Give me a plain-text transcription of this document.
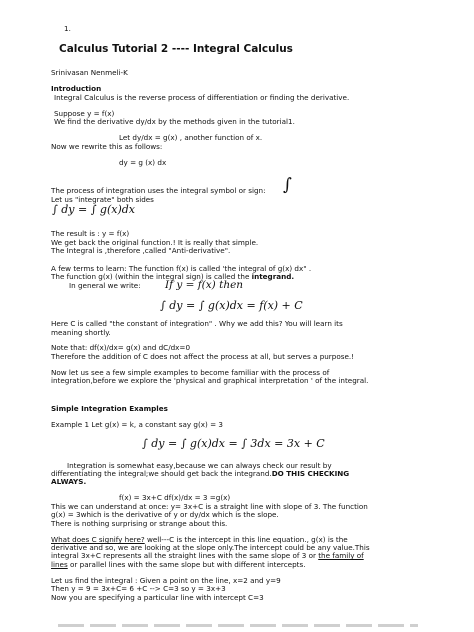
1.
Calculus Tutorial 2 ---- Integral Calculus
Srinivasan Nenmeli-K
Introduction
Integral Calculus is the reverse process of differentiation or finding the derivative.
Suppose y = f(x)
We find the derivative dy/dx by the methods given in the tutorial1.
Let dy/dx = g(x) , another function of x.
Now we rewrite this as follows:
dy = g (x) dx
The process of integration uses the integral symbol or sign: ∫
Let us "integrate" both sides
∫ dy = ∫ g(x)dx
The result is : y = f(x)
We get back the original function.! It is really that simple.
The Integral is ,therefore ,called "Anti-derivative".
A few terms to learn: The function f(x) is called 'the integral of g(x) dx" .
The function g(x) (within the integral sign) is called the integrand.
In general we write: If y = f(x) then
∫ dy = ∫ g(x)dx = f(x) + C
Here C is called "the constant of integration" . Why we add this? You will learn its
meaning shortly.
Note that: df(x)/dx= g(x) and dC/dx=0
Therefore the addition of C does not affect the process at all, but serves a purpose.!
Now let us see a few simple examples to become familiar with the process of
integration,before we explore the 'physical and graphical interpretation ' of the integral.
Simple Integration Examples
Example 1 Let g(x) = k, a constant say g(x) = 3
∫ dy = ∫ g(x)dx = ∫ 3dx = 3x + C
Integration is somewhat easy,because we can always check our result by
differentiating the integral;we should get back the integrand.DO THIS CHECKING
ALWAYS.
f(x) = 3x+C df(x)/dx = 3 =g(x)
This we can understand at once: y= 3x+C is a straight line with slope of 3. The function
g(x) = 3which is the derivative of y or dy/dx which is the slope.
There is nothing surprising or strange about this.
What does C signify here? well---C is the intercept in this line equation., g(x) is the
derivative and so, we are looking at the slope only.The intercept could be any value.This
integral 3x+C represents all the straight lines with the same slope of 3 or the family of
lines or parallel lines with the same slope but with different intercepts.
Let us find the integral : Given a point on the line, x=2 and y=9
Then y = 9 = 3x+C= 6 +C --> C=3 so y = 3x+3
Now you are specifying a particular line with intercept C=3
